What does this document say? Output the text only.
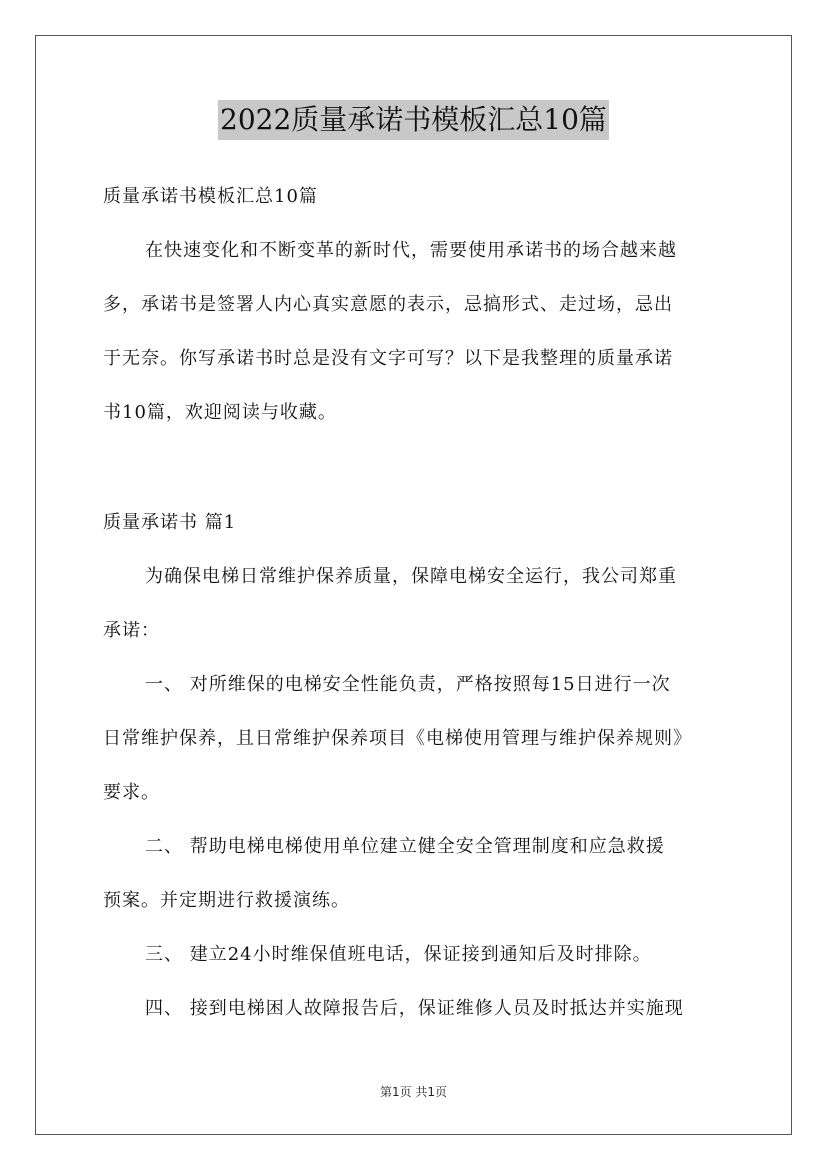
2022质量承诺书模板汇总10篇
质量承诺书模板汇总10篇
在快速变化和不断变革的新时代，需要使用承诺书的场合越来越
多，承诺书是签署人内心真实意愿的表示，忌搞形式、走过场，忌出
于无奈。你写承诺书时总是没有文字可写？以下是我整理的质量承诺
书10篇，欢迎阅读与收藏。
质量承诺书 篇1
为确保电梯日常维护保养质量，保障电梯安全运行，我公司郑重
承诺：
一、 对所维保的电梯安全性能负责，严格按照每15日进行一次
日常维护保养，且日常维护保养项目《电梯使用管理与维护保养规则》
要求。
二、 帮助电梯电梯使用单位建立健全安全管理制度和应急救援
预案。并定期进行救援演练。
三、 建立24小时维保值班电话，保证接到通知后及时排除。
四、 接到电梯困人故障报告后，保证维修人员及时抵达并实施现
第1页 共1页
